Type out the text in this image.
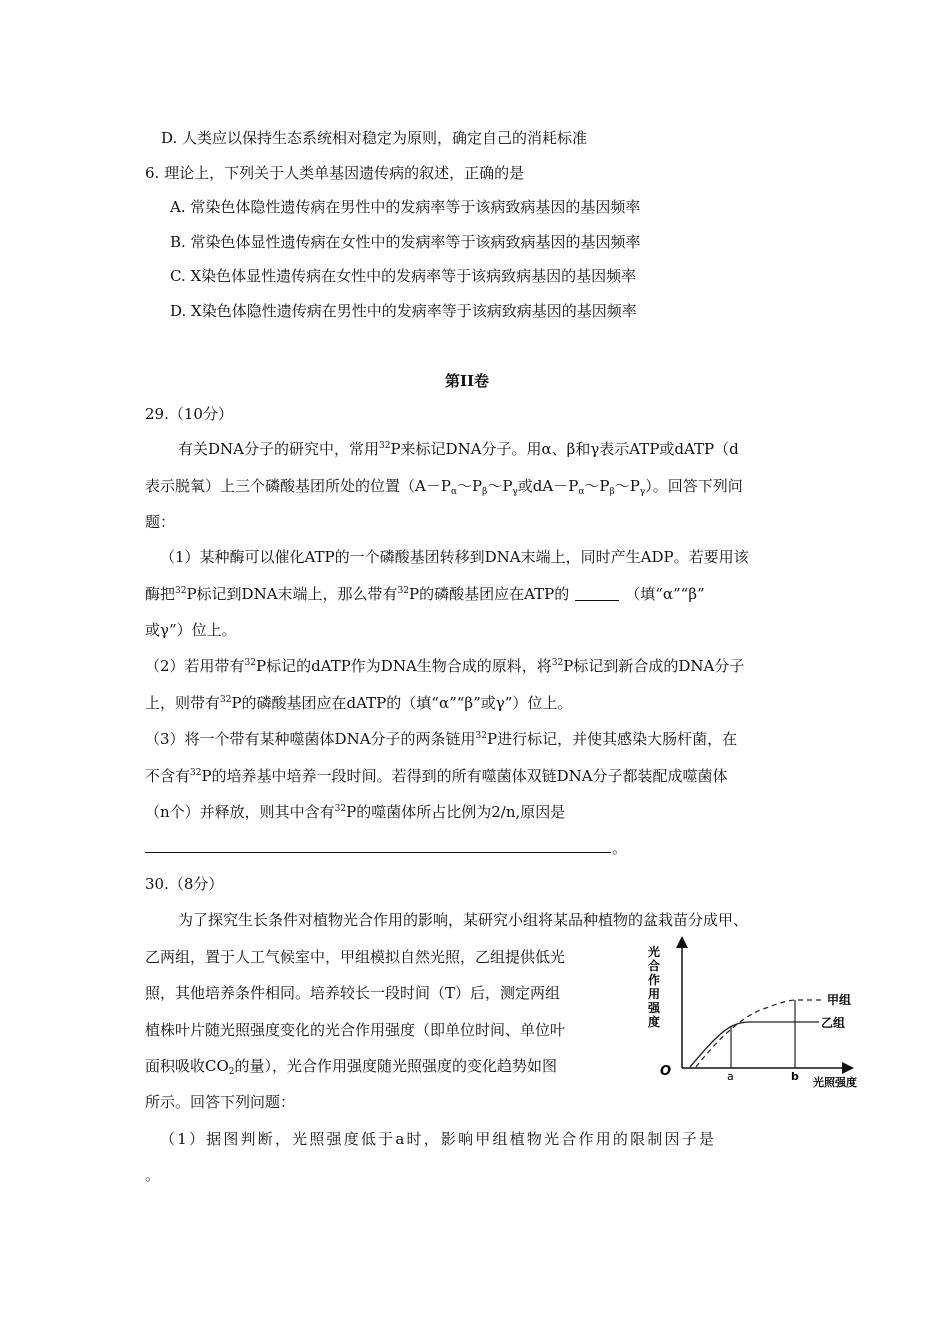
D. 人类应以保持生态系统相对稳定为原则，确定自己的消耗标准
6. 理论上，下列关于人类单基因遗传病的叙述，正确的是
A. 常染色体隐性遗传病在男性中的发病率等于该病致病基因的基因频率
B. 常染色体显性遗传病在女性中的发病率等于该病致病基因的基因频率
C. X染色体显性遗传病在女性中的发病率等于该病致病基因的基因频率
D. X染色体隐性遗传病在男性中的发病率等于该病致病基因的基因频率
第II卷
29.（10分）
有关DNA分子的研究中，常用$^{32}$P来标记DNA分子。用α、β和γ表示ATP或dATP（d
表示脱氧）上三个磷酸基团所处的位置（$A-P_\alpha\sim P_\beta\sim P_\gamma$或$dA-P_\alpha\sim P_\beta\sim P_\gamma$）。回答下列问
题：
（1）某种酶可以催化ATP的一个磷酸基团转移到DNA末端上，同时产生ADP。若要用该
酶把$^{32}$P标记到DNA末端上，那么带有$^{32}$P的磷酸基团应在ATP的	（填“α”“β”
或γ”）位上。
（2）若用带有$^{32}$P标记的dATP作为DNA生物合成的原料，将$^{32}$P标记到新合成的DNA分子
上，则带有$^{32}$P的磷酸基团应在dATP的（填“α”“β”或γ”）位上。
（3）将一个带有某种噬菌体DNA分子的两条链用$^{32}$P进行标记，并使其感染大肠杆菌，在
不含有$^{32}$P的培养基中培养一段时间。若得到的所有噬菌体双链DNA分子都装配成噬菌体
（n个）并释放，则其中含有$^{32}$P的噬菌体所占比例为2/n,原因是
。
30.（8分）
为了探究生长条件对植物光合作用的影响，某研究小组将某品种植物的盆栽苗分成甲、
乙两组，置于人工气候室中，甲组模拟自然光照，乙组提供低光
照，其他培养条件相同。培养较长一段时间（T）后，测定两组
植株叶片随光照强度变化的光合作用强度（即单位时间、单位叶
面积吸收$CO_2$的量），光合作用强度随光照强度的变化趋势如图
所示。回答下列问题：
（1）据图判断，光照强度低于a时，影响甲组植物光合作用的限制因子是
。
光合作用强度
O
甲组
乙组
a	b 光照强度
